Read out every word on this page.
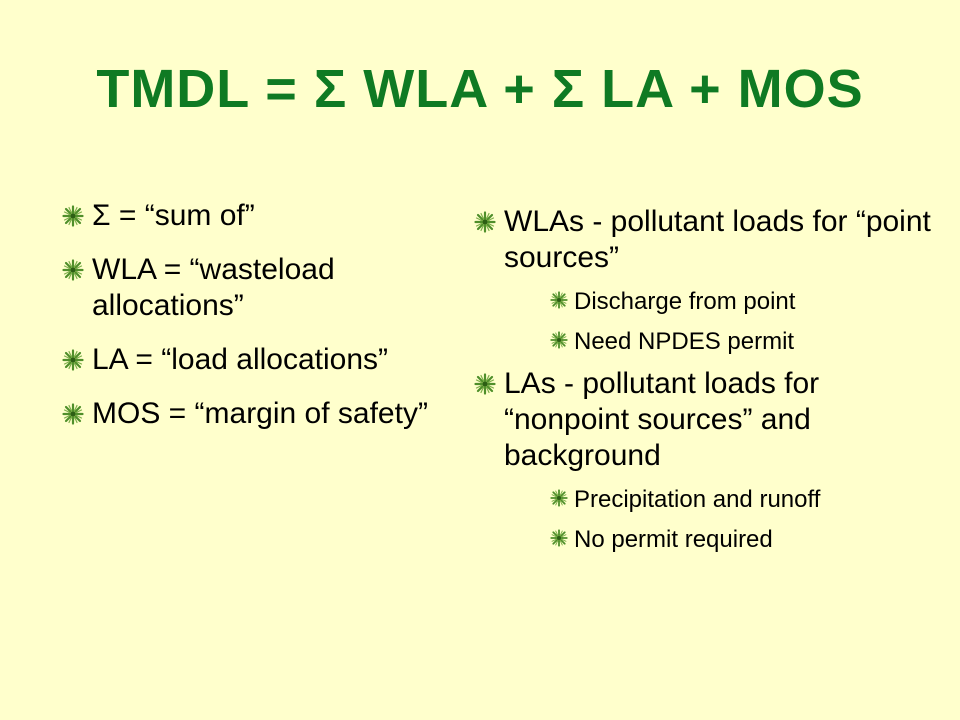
TMDL = Σ WLA + Σ LA + MOS
Σ = “sum of”
WLA = “wasteload allocations”
LA = “load allocations”
MOS = “margin of safety”
WLAs - pollutant loads for “point sources”
Discharge from point
Need NPDES permit
LAs - pollutant loads for “nonpoint sources” and background
Precipitation and runoff
No permit required
